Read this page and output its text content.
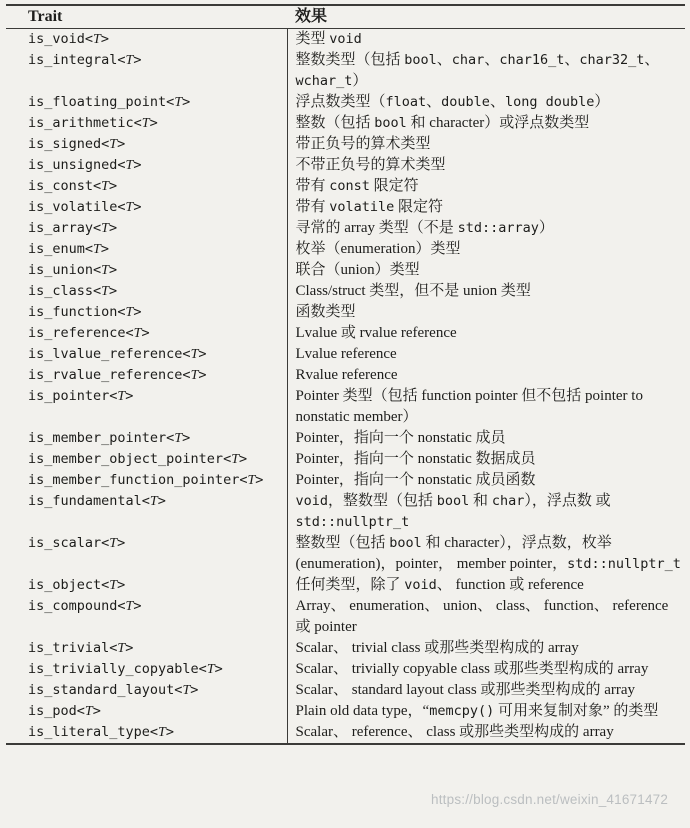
Trait	效果
is_void<T>	类型 void
is_integral<T>	整数类型（包括 bool、char、char16_t、char32_t、wchar_t）
is_floating_point<T>	浮点数类型（float、double、long double）
is_arithmetic<T>	整数（包括 bool 和 character）或浮点数类型
is_signed<T>	带正负号的算术类型
is_unsigned<T>	不带正负号的算术类型
is_const<T>	带有 const 限定符
is_volatile<T>	带有 volatile 限定符
is_array<T>	寻常的 array 类型（不是 std::array）
is_enum<T>	枚举（enumeration）类型
is_union<T>	联合（union）类型
is_class<T>	Class/struct 类型，但不是 union 类型
is_function<T>	函数类型
is_reference<T>	Lvalue 或 rvalue reference
is_lvalue_reference<T>	Lvalue reference
is_rvalue_reference<T>	Rvalue reference
is_pointer<T>	Pointer 类型（包括 function pointer 但不包括 pointer to nonstatic member）
is_member_pointer<T>	Pointer，指向一个 nonstatic 成员
is_member_object_pointer<T>	Pointer，指向一个 nonstatic 数据成员
is_member_function_pointer<T>	Pointer，指向一个 nonstatic 成员函数
is_fundamental<T>	void，整数型（包括 bool 和 char），浮点数 或std::nullptr_t
is_scalar<T>	整数型（包括 bool 和 character），浮点数，枚举 (enumeration)，pointer， member pointer，std::nullptr_t
is_object<T>	任何类型，除了 void、 function 或 reference
is_compound<T>	Array、 enumeration、 union、 class、 function、 reference 或 pointer
is_trivial<T>	Scalar、 trivial class 或那些类型构成的 array
is_trivially_copyable<T>	Scalar、 trivially copyable class 或那些类型构成的 array
is_standard_layout<T>	Scalar、 standard layout class 或那些类型构成的 array
is_pod<T>	Plain old data type，“memcpy() 可用来复制对象” 的类型
is_literal_type<T>	Scalar、 reference、 class 或那些类型构成的 array
https://blog.csdn.net/weixin_41671472
